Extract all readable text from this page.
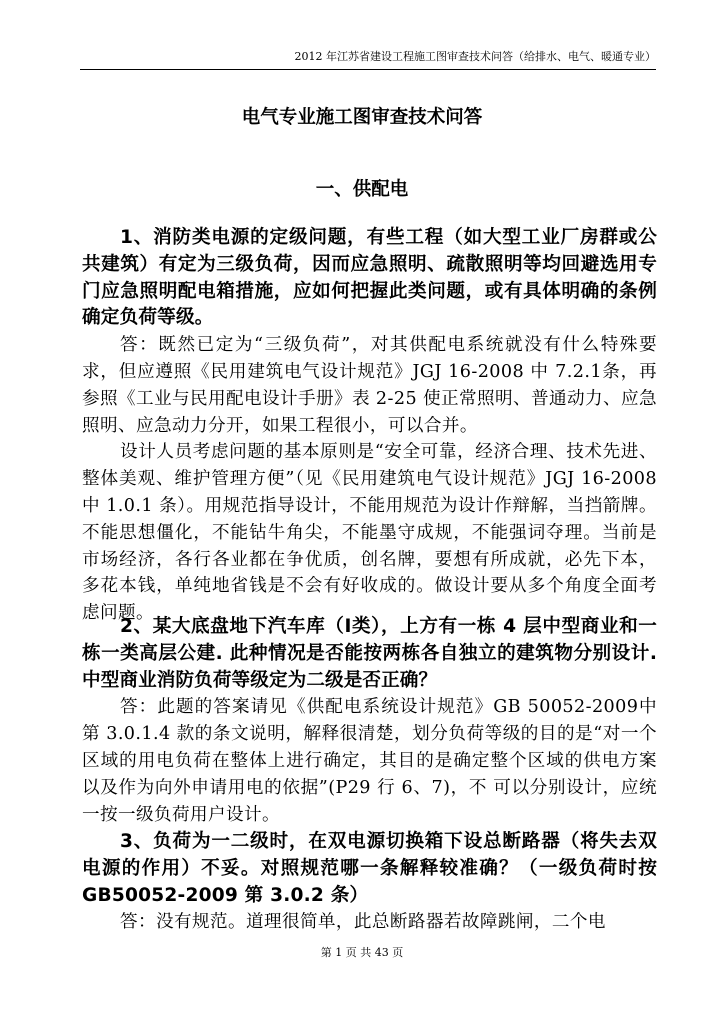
2012 年江苏省建设工程施工图审查技术问答（给排水、电气、暖通专业）
电气专业施工图审查技术问答
一、供配电

1、消防类电源的定级问题，有些工程（如大型工业厂房群或公共建筑）有定为三级负荷，因而应急照明、疏散照明等均回避选用专门应急照明配电箱措施，应如何把握此类问题，或有具体明确的条例确定负荷等级。

答：既然已定为“三级负荷”，对其供配电系统就没有什么特殊要求，但应遵照《民用建筑电气设计规范》JGJ 16-2008 中 7.2.1条，再参照《工业与民用配电设计手册》表 2-25 使正常照明、普通动力、应急照明、应急动力分开，如果工程很小，可以合并。

设计人员考虑问题的基本原则是“安全可靠，经济合理、技术先进、整体美观、维护管理方便”（见《民用建筑电气设计规范》JGJ 16-2008 中 1.0.1 条）。用规范指导设计，不能用规范为设计作辩解，当挡箭牌。不能思想僵化，不能钻牛角尖，不能墨守成规，不能强词夺理。当前是市场经济，各行各业都在争优质，创名牌，要想有所成就，必先下本，多花本钱，单纯地省钱是不会有好收成的。做设计要从多个角度全面考虑问题。

2、某大底盘地下汽车库（Ⅰ类），上方有一栋 4 层中型商业和一栋一类高层公建. 此种情况是否能按两栋各自独立的建筑物分别设计. 中型商业消防负荷等级定为二级是否正确？

答：此题的答案请见《供配电系统设计规范》GB 50052-2009中第 3.0.1.4 款的条文说明，解释很清楚，划分负荷等级的目的是“对一个区域的用电负荷在整体上进行确定，其目的是确定整个区域的供电方案以及作为向外申请用电的依据”(P29 行 6、7)，不 可以分别设计，应统一按一级负荷用户设计。

3、负荷为一二级时，在双电源切换箱下设总断路器（将失去双电源的作用）不妥。对照规范哪一条解释较准确？（一级负荷时按GB50052-2009 第 3.0.2 条）

答：没有规范。道理很简单，此总断路器若故障跳闸，二个电

第 1 页 共 43 页
